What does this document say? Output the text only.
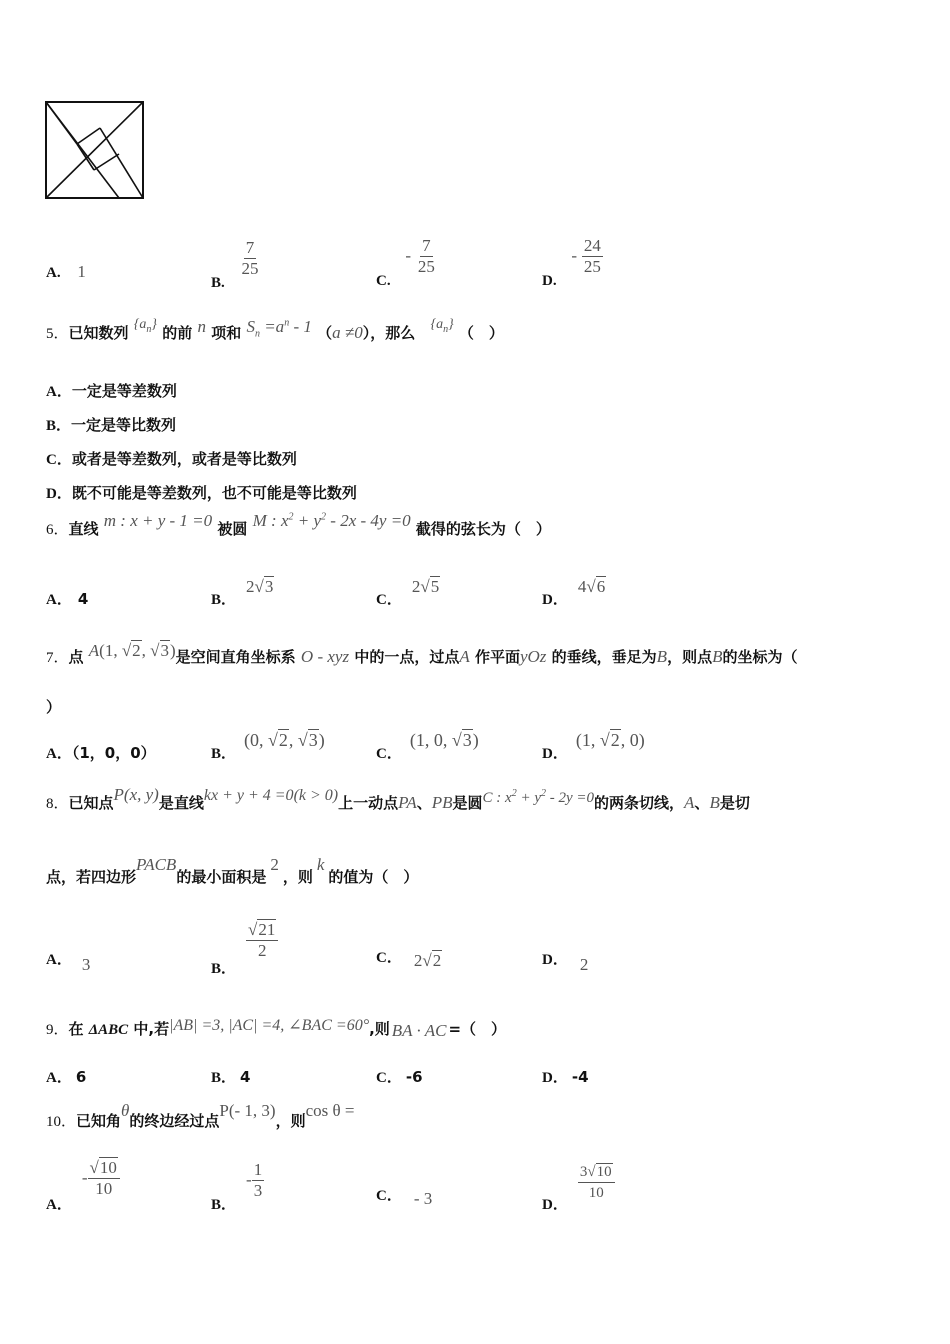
A. 1
B.
$\frac{7}{25}$
C. - $\frac{7}{25}$
D. - $\frac{24}{25}$
5．已知数列 $\{a_n\}$ 的前 n 项和 $S_n =a^n - 1$ （a ≠0），那么 $\{a_n\}$ （　）
A．一定是等差数列
B．一定是等比数列
C．或者是等差数列，或者是等比数列
D．既不可能是等差数列，也不可能是等比数列
6．直线 m : x + y - 1 =0 被圆 M : $x^2 + y^2 - 2x - 4y =0$ 截得的弦长为（　）
A． 4	B．2√3
C．2√5
D．4√6
7．点 A(1, √2, √3)是空间直角坐标系 O - xyz 中的一点，过点A 作平面yOz 的垂线，垂足为B，则点B的坐标为（
）
A．（1，0，0）	B．(0, √2, √3)
C．(1, 0, √3)
D．(1, √2, 0)
8．已知点P(x, y)是直线kx + y + 4 =0(k > 0)上一动点PA、PB是圆C : $x^2 + y^2 - 2y =0$的两条切线，A、B是切
点，若四边形PACB的最小面积是2，则k的值为（　）
A． 3	B．
$\frac{√21}{2}$	C． 2√2	D． 2
9．在 ΔABC 中,若|AB| =3, |AC| =4, ∠BAC =60°,则 BA · AC =（　）
A． 6	B． 4	C． -6	D． -4
10．已知角θ的终边经过点P(- 1, 3)，则cos θ =
A．- $\frac{√10}{10}$
B．- $\frac{1}{3}$	C． - 3	D．
$\frac{3√10}{10}$
